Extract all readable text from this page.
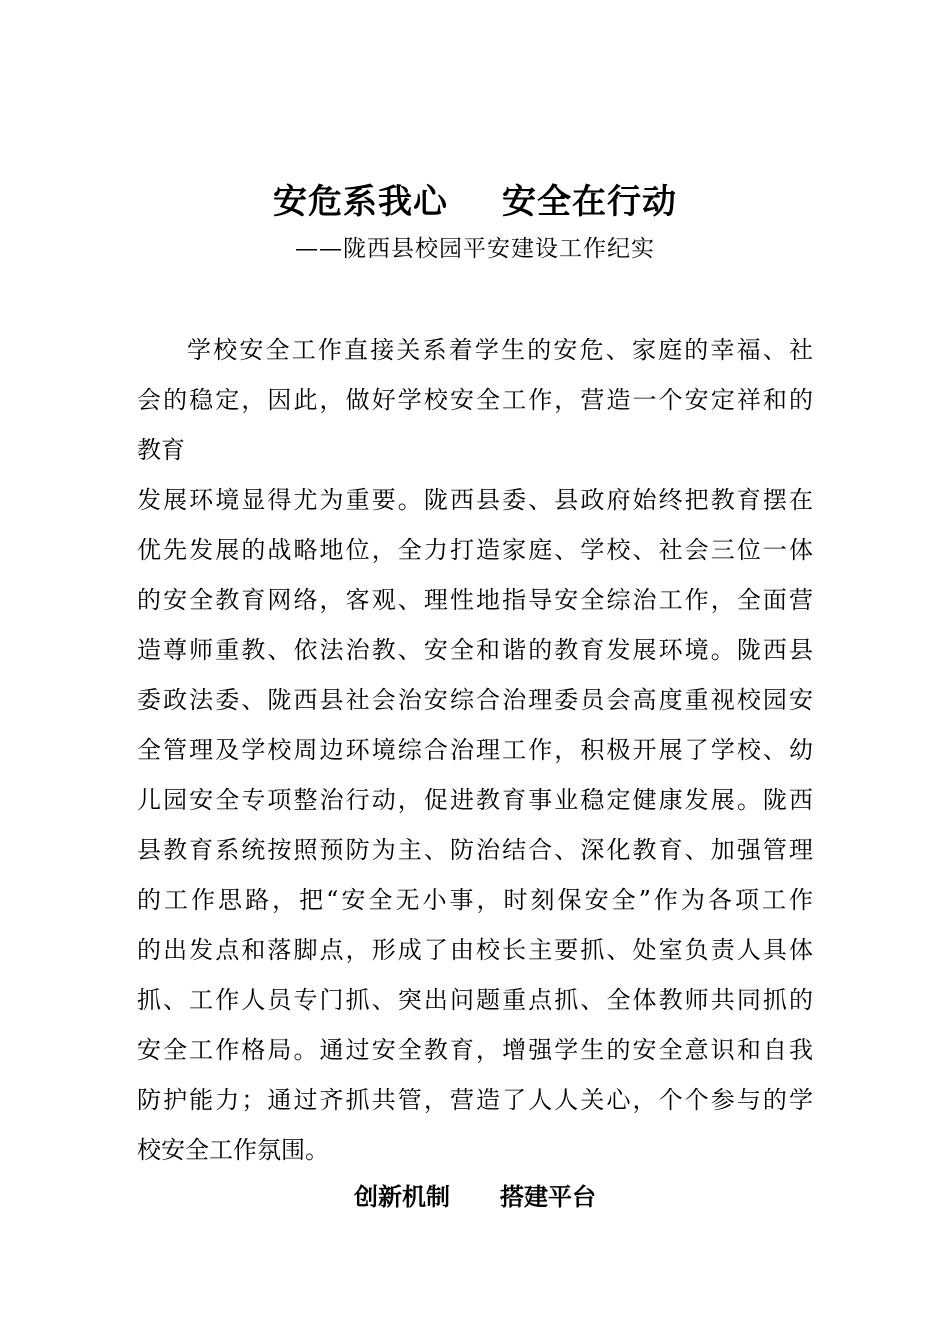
安危系我心 安全在行动
——陇西县校园平安建设工作纪实
学校安全工作直接关系着学生的安危、家庭的幸福、社
会的稳定，因此，做好学校安全工作，营造一个安定祥和的
教育
发展环境显得尤为重要。陇西县委、县政府始终把教育摆在
优先发展的战略地位，全力打造家庭、学校、社会三位一体
的安全教育网络，客观、理性地指导安全综治工作，全面营
造尊师重教、依法治教、安全和谐的教育发展环境。陇西县
委政法委、陇西县社会治安综合治理委员会高度重视校园安
全管理及学校周边环境综合治理工作，积极开展了学校、幼
儿园安全专项整治行动，促进教育事业稳定健康发展。陇西
县教育系统按照预防为主、防治结合、深化教育、加强管理
的工作思路，把“安全无小事，时刻保安全”作为各项工作
的出发点和落脚点，形成了由校长主要抓、处室负责人具体
抓、工作人员专门抓、突出问题重点抓、全体教师共同抓的
安全工作格局。通过安全教育，增强学生的安全意识和自我
防护能力；通过齐抓共管，营造了人人关心，个个参与的学
校安全工作氛围。
创新机制 搭建平台
